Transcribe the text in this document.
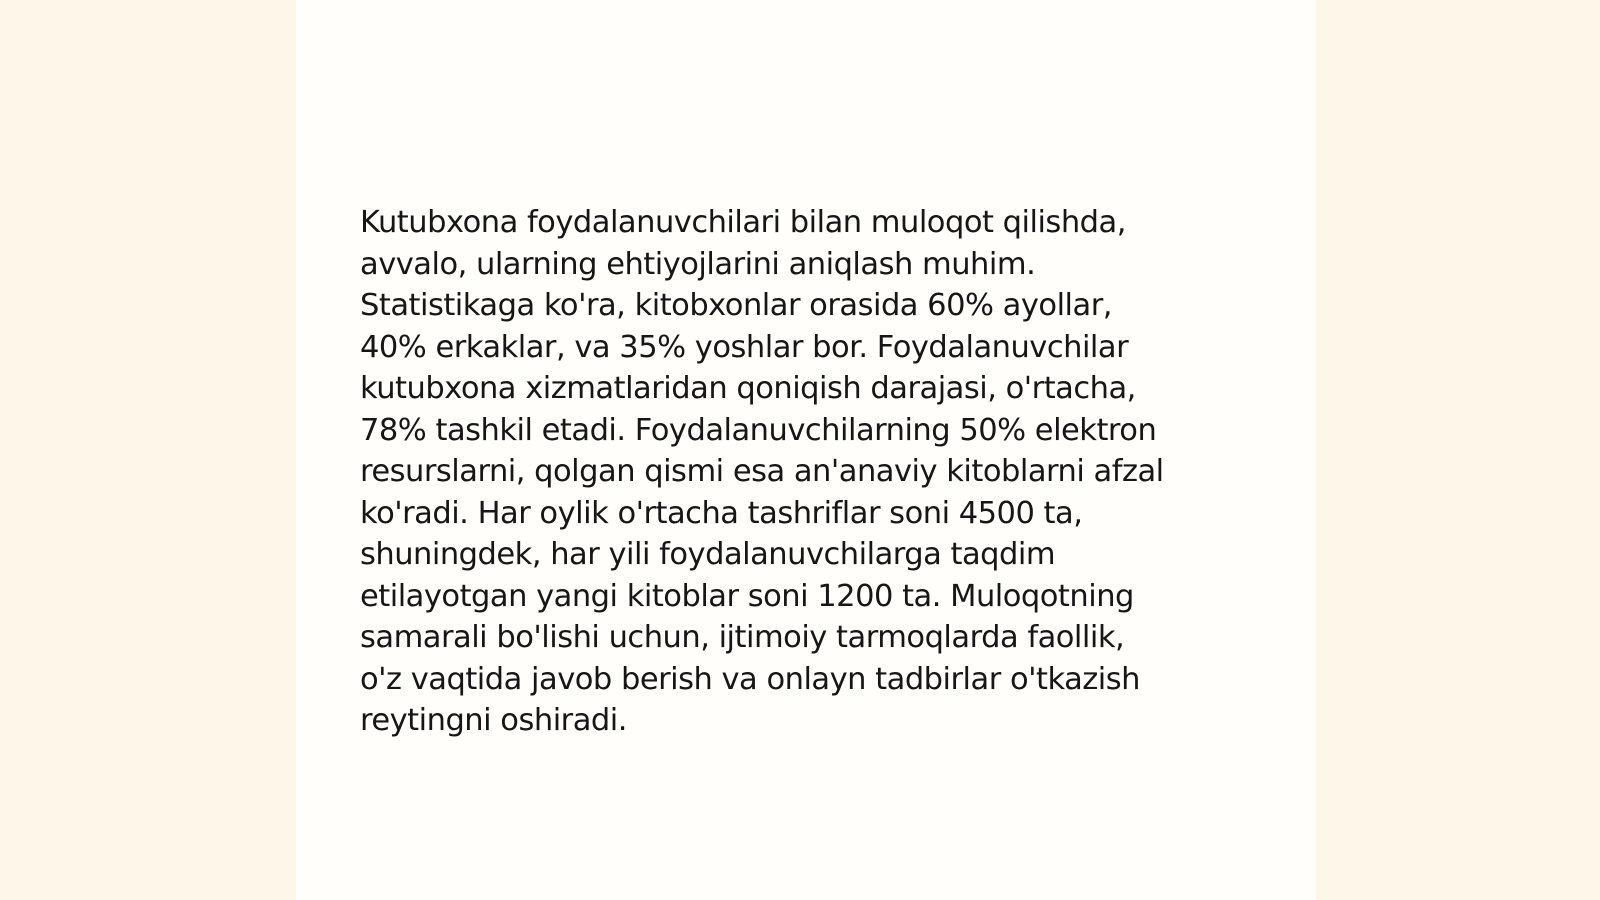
Kutubxona foydalanuvchilari bilan muloqot qilishda,
avvalo, ularning ehtiyojlarini aniqlash muhim.
Statistikaga ko'ra, kitobxonlar orasida 60% ayollar,
40% erkaklar, va 35% yoshlar bor. Foydalanuvchilar
kutubxona xizmatlaridan qoniqish darajasi, o'rtacha,
78% tashkil etadi. Foydalanuvchilarning 50% elektron
resurslarni, qolgan qismi esa an'anaviy kitoblarni afzal
ko'radi. Har oylik o'rtacha tashriflar soni 4500 ta,
shuningdek, har yili foydalanuvchilarga taqdim
etilayotgan yangi kitoblar soni 1200 ta. Muloqotning
samarali bo'lishi uchun, ijtimoiy tarmoqlarda faollik,
o'z vaqtida javob berish va onlayn tadbirlar o'tkazish
reytingni oshiradi.
